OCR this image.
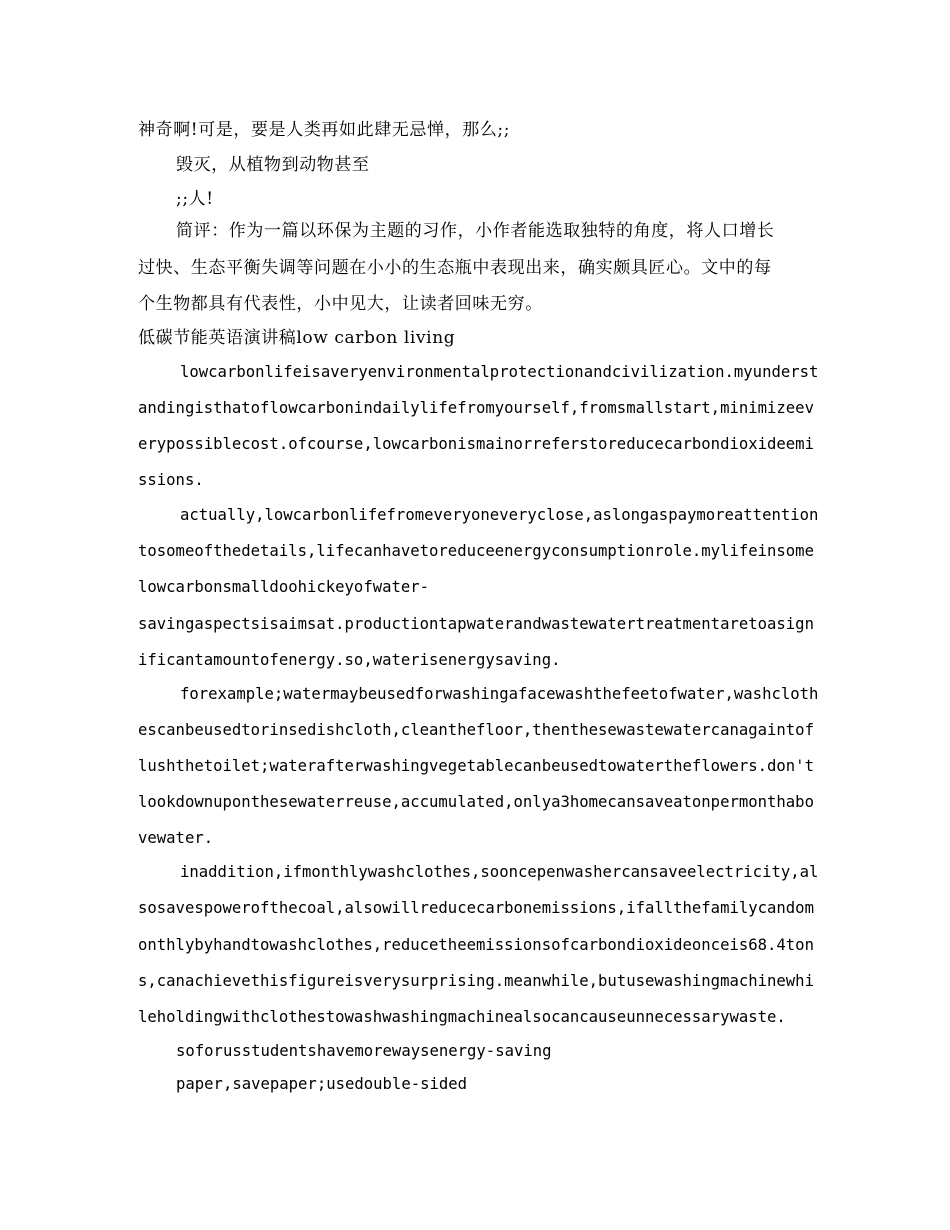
神奇啊!可是，要是人类再如此肆无忌惮，那么;;
毁灭，从植物到动物甚至
;;人!
简评：作为一篇以环保为主题的习作，小作者能选取独特的角度，将人口增长
过快、生态平衡失调等问题在小小的生态瓶中表现出来，确实颇具匠心。文中的每
个生物都具有代表性，小中见大，让读者回味无穷。
低碳节能英语演讲稿low carbon living
lowcarbonlifeisaveryenvironmentalprotectionandcivilization.myunderst
andingisthatoflowcarbonindailylifefromyourself,fromsmallstart,minimizeev
erypossiblecost.ofcourse,lowcarbonismainorreferstoreducecarbondioxideemi
ssions.
actually,lowcarbonlifefromeveryoneveryclose,aslongaspaymoreattention
tosomeofthedetails,lifecanhavetoreduceenergyconsumptionrole.mylifeinsome
lowcarbonsmalldoohickeyofwater-
savingaspectsisaimsat.productiontapwaterandwastewatertreatmentaretoasign
ificantamountofenergy.so,waterisenergysaving.
forexample;watermaybeusedforwashingafacewashthefeetofwater,washcloth
escanbeusedtorinsedishcloth,cleanthefloor,thenthesewastewatercanagaintof
lushthetoilet;waterafterwashingvegetablecanbeusedtowatertheflowers.don't
lookdownuponthesewaterreuse,accumulated,onlya3homecansaveatonpermonthabo
vewater.
inaddition,ifmonthlywashclothes,sooncepenwashercansaveelectricity,al
sosavespowerofthecoal,alsowillreducecarbonemissions,ifallthefamilycandom
onthlybyhandtowashclothes,reducetheemissionsofcarbondioxideonceis68.4ton
s,canachievethisfigureisverysurprising.meanwhile,butusewashingmachinewhi
leholdingwithclothestowashwashingmachinealsocancauseunnecessarywaste.
soforusstudentshavemorewaysenergy-saving
paper,savepaper;usedouble-sided
